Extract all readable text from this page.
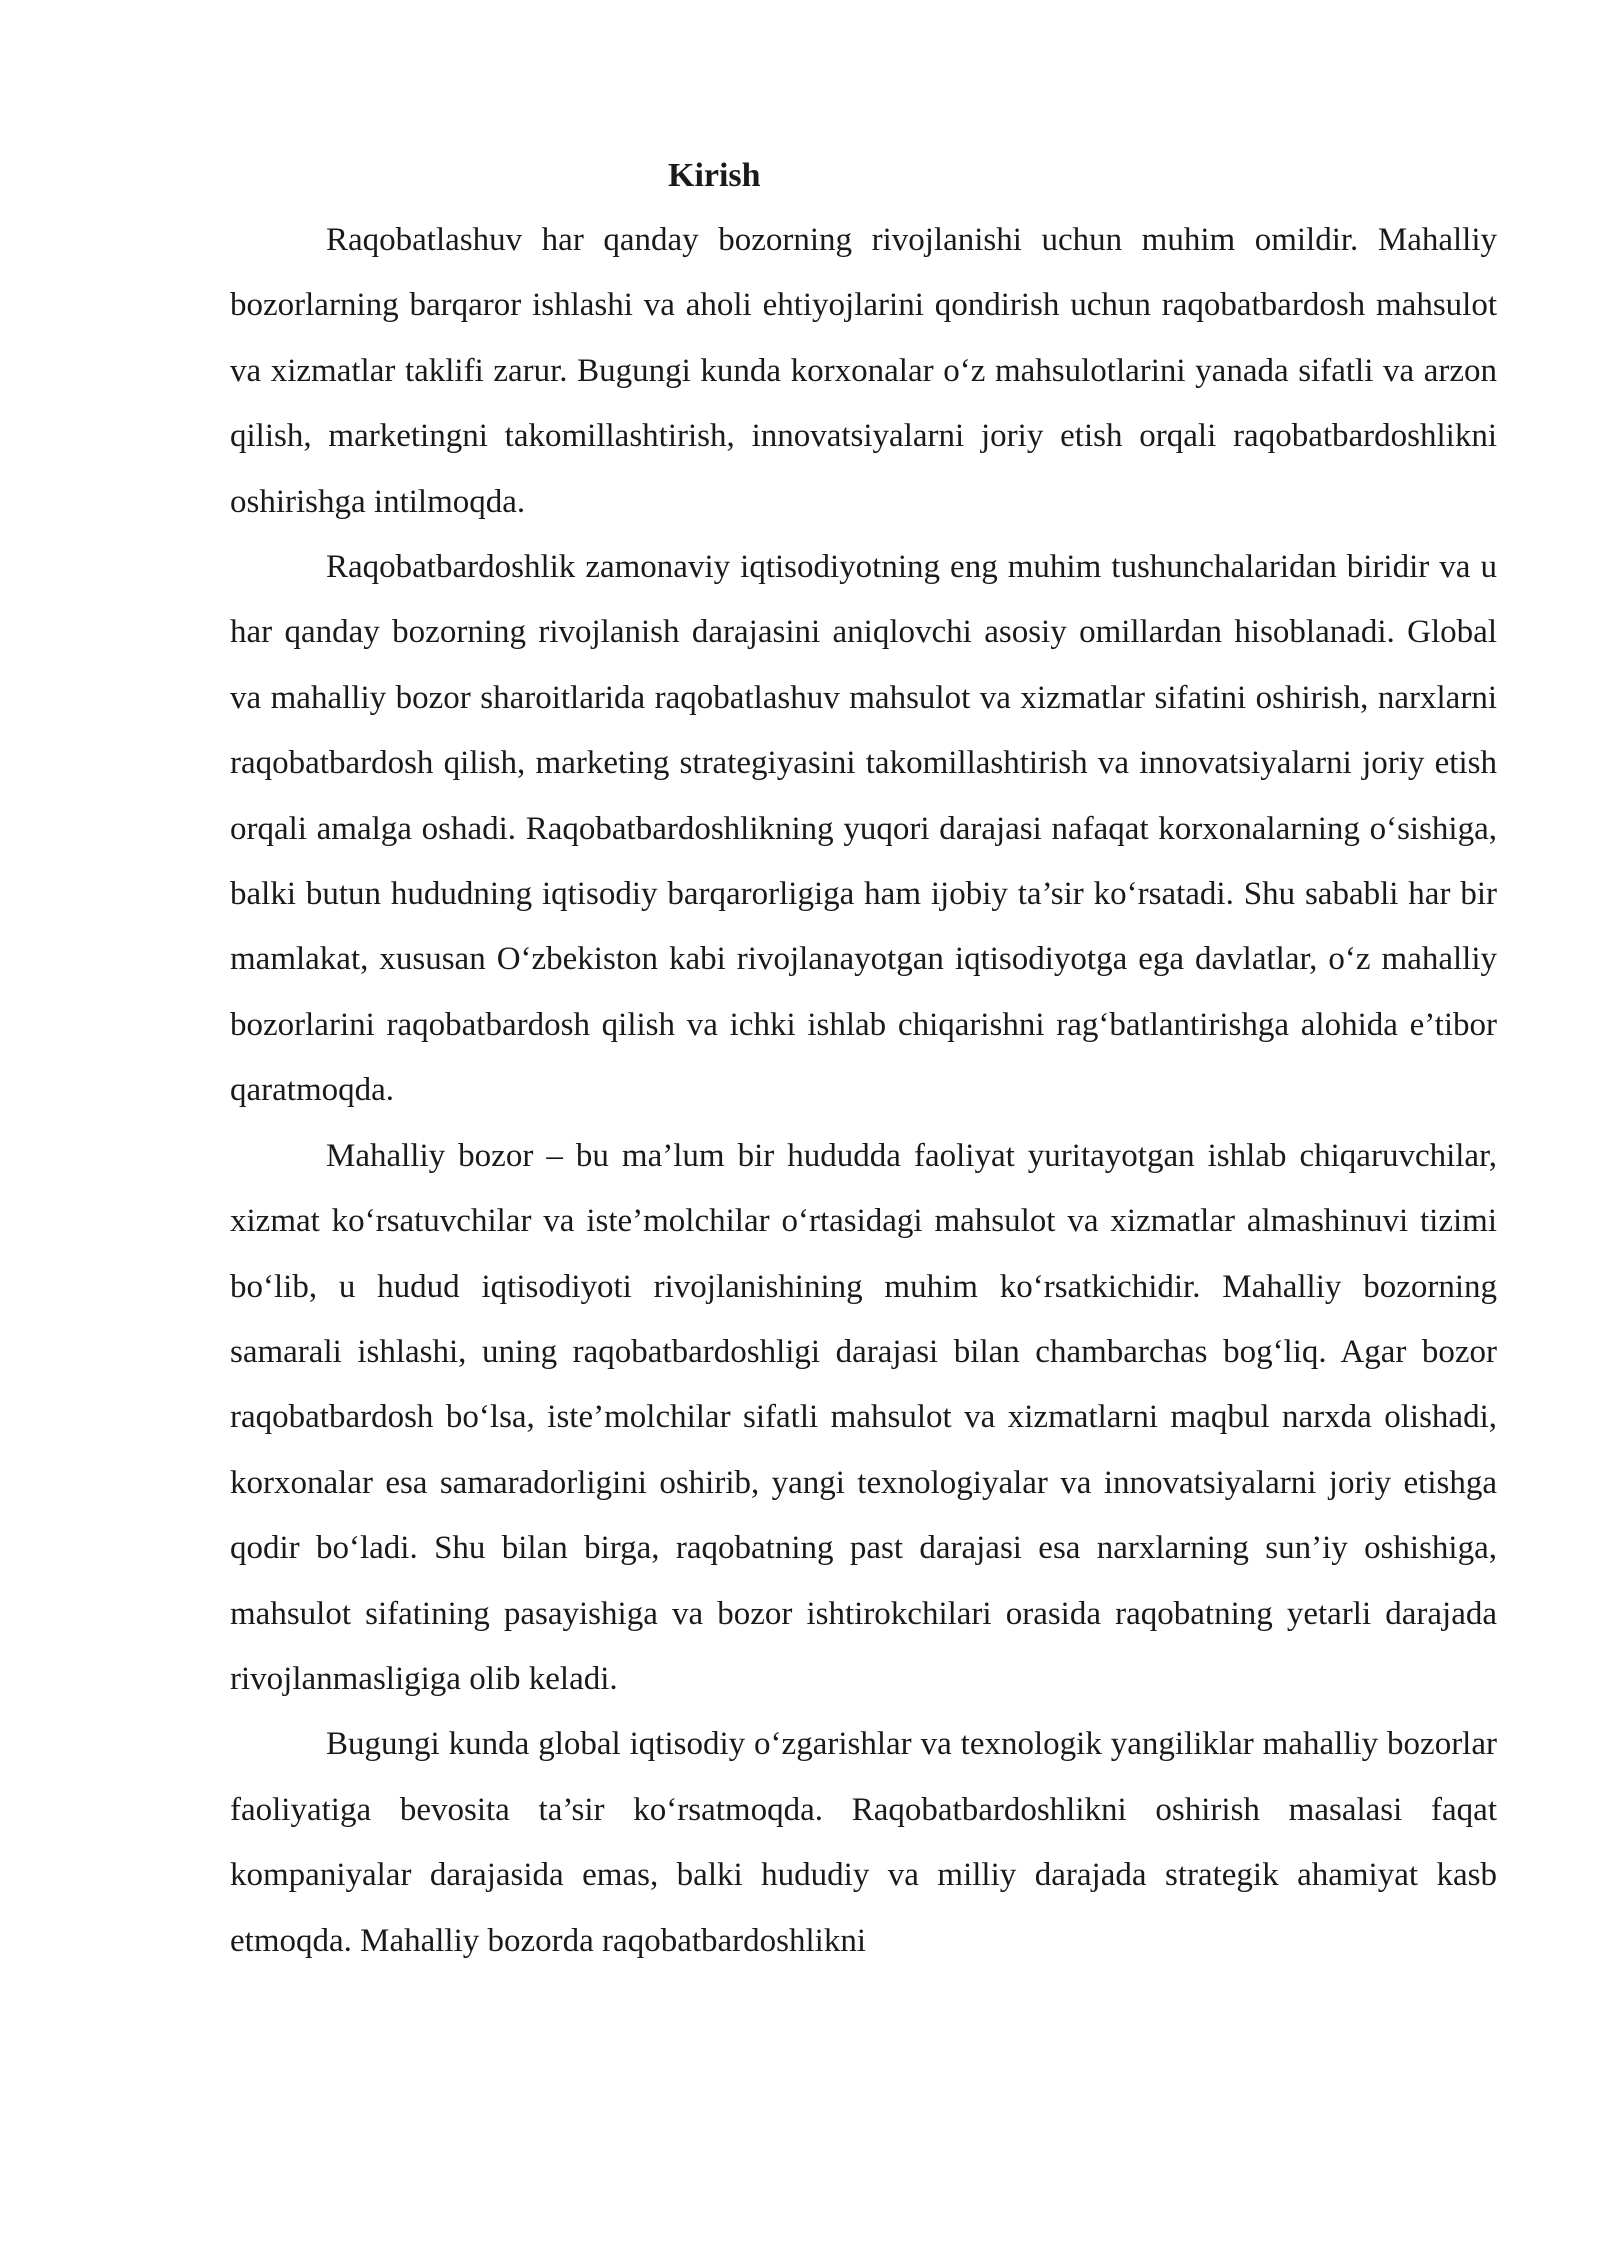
Kirish

Raqobatlashuv har qanday bozorning rivojlanishi uchun muhim omildir. Mahalliy bozorlarning barqaror ishlashi va aholi ehtiyojlarini qondirish uchun raqobatbardosh mahsulot va xizmatlar taklifi zarur. Bugungi kunda korxonalar o‘z mahsulotlarini yanada sifatli va arzon qilish, marketingni takomillashtirish, innovatsiyalarni joriy etish orqali raqobatbardoshlikni oshirishga intilmoqda.

Raqobatbardoshlik zamonaviy iqtisodiyotning eng muhim tushunchalaridan biridir va u har qanday bozorning rivojlanish darajasini aniqlovchi asosiy omillardan hisoblanadi. Global va mahalliy bozor sharoitlarida raqobatlashuv mahsulot va xizmatlar sifatini oshirish, narxlarni raqobatbardosh qilish, marketing strategiyasini takomillashtirish va innovatsiyalarni joriy etish orqali amalga oshadi. Raqobatbardoshlikning yuqori darajasi nafaqat korxonalarning o‘sishiga, balki butun hududning iqtisodiy barqarorligiga ham ijobiy ta’sir ko‘rsatadi. Shu sababli har bir mamlakat, xususan O‘zbekiston kabi rivojlanayotgan iqtisodiyotga ega davlatlar, o‘z mahalliy bozorlarini raqobatbardosh qilish va ichki ishlab chiqarishni rag‘batlantirishga alohida e’tibor qaratmoqda.

Mahalliy bozor – bu ma’lum bir hududda faoliyat yuritayotgan ishlab chiqaruvchilar, xizmat ko‘rsatuvchilar va iste’molchilar o‘rtasidagi mahsulot va xizmatlar almashinuvi tizimi bo‘lib, u hudud iqtisodiyoti rivojlanishining muhim ko‘rsatkichidir. Mahalliy bozorning samarali ishlashi, uning raqobatbardoshligi darajasi bilan chambarchas bog‘liq. Agar bozor raqobatbardosh bo‘lsa, iste’molchilar sifatli mahsulot va xizmatlarni maqbul narxda olishadi, korxonalar esa samaradorligini oshirib, yangi texnologiyalar va innovatsiyalarni joriy etishga qodir bo‘ladi. Shu bilan birga, raqobatning past darajasi esa narxlarning sun’iy oshishiga, mahsulot sifatining pasayishiga va bozor ishtirokchilari orasida raqobatning yetarli darajada rivojlanmasligiga olib keladi.

Bugungi kunda global iqtisodiy o‘zgarishlar va texnologik yangiliklar mahalliy bozorlar faoliyatiga bevosita ta’sir ko‘rsatmoqda. Raqobatbardoshlikni oshirish masalasi faqat kompaniyalar darajasida emas, balki hududiy va milliy darajada strategik ahamiyat kasb etmoqda. Mahalliy bozorda raqobatbardoshlikni
